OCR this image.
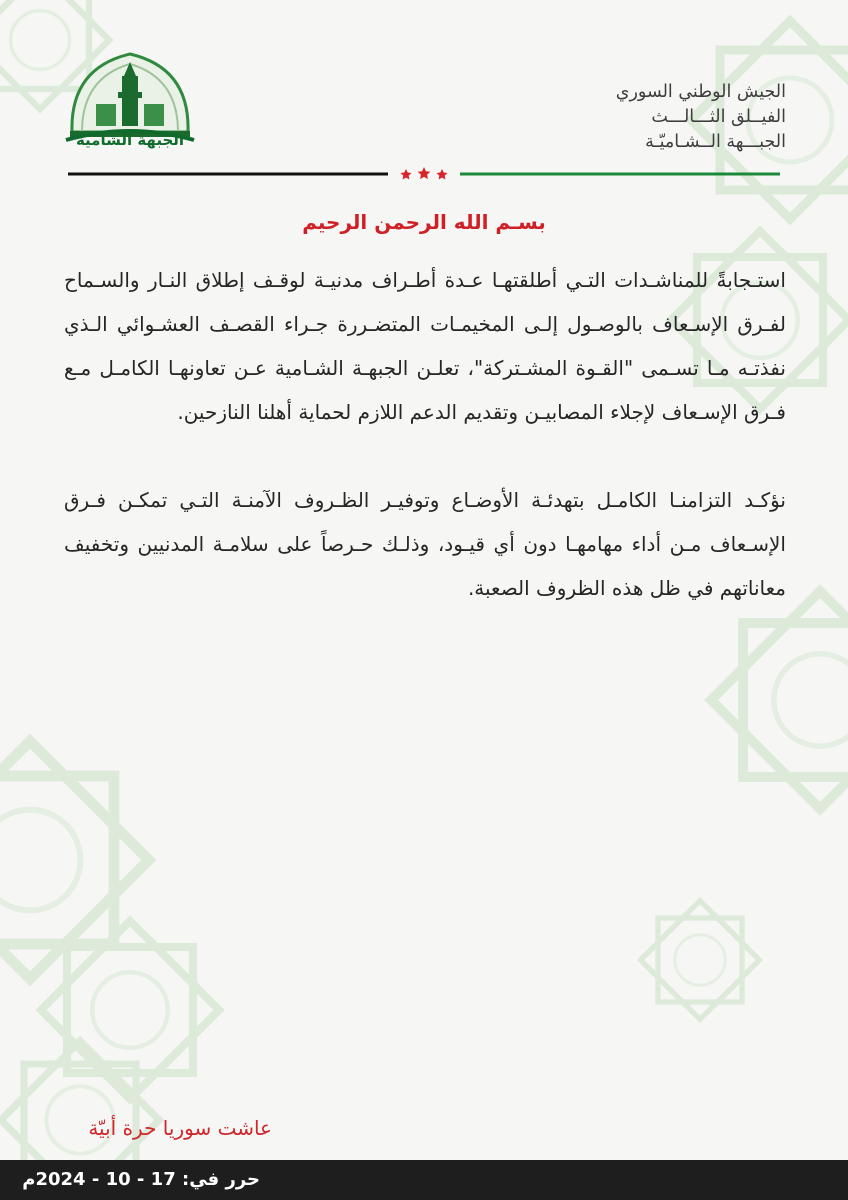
الجبهة الشامية
الجيش الوطني السوري
الفيــلق الثـــالـــث
الجبـــهة الــشـاميّـة
بسـم الله الرحمن الرحيم

استـجابةً للمناشـدات التـي أطلقتهـا عـدة أطـراف مدنيـة لوقـف إطلاق النـار والسـماح لفـرق الإسـعاف بالوصـول إلـى المخيمـات المتضـررة جـراء القصـف العشـوائي الـذي نفذتـه مـا تسـمى "القـوة المشـتركة"، تعلـن الجبهـة الشـامية عـن تعاونهـا الكامـل مـع فـرق الإسـعاف لإجلاء المصابيـن وتقديم الدعم اللازم لحماية أهلنا النازحين.

نؤكـد التزامنـا الكامـل بتهدئـة الأوضـاع وتوفيـر الظـروف الآمنـة التـي تمكـن فـرق الإسـعاف مـن أداء مهامهـا دون أي قيـود، وذلـك حـرصاً على سلامـة المدنيين وتخفيف معاناتهم في ظل هذه الظروف الصعبة.

عاشت سوريا حرة أبيّة
حرر في: 17 - 10 - 2024م
